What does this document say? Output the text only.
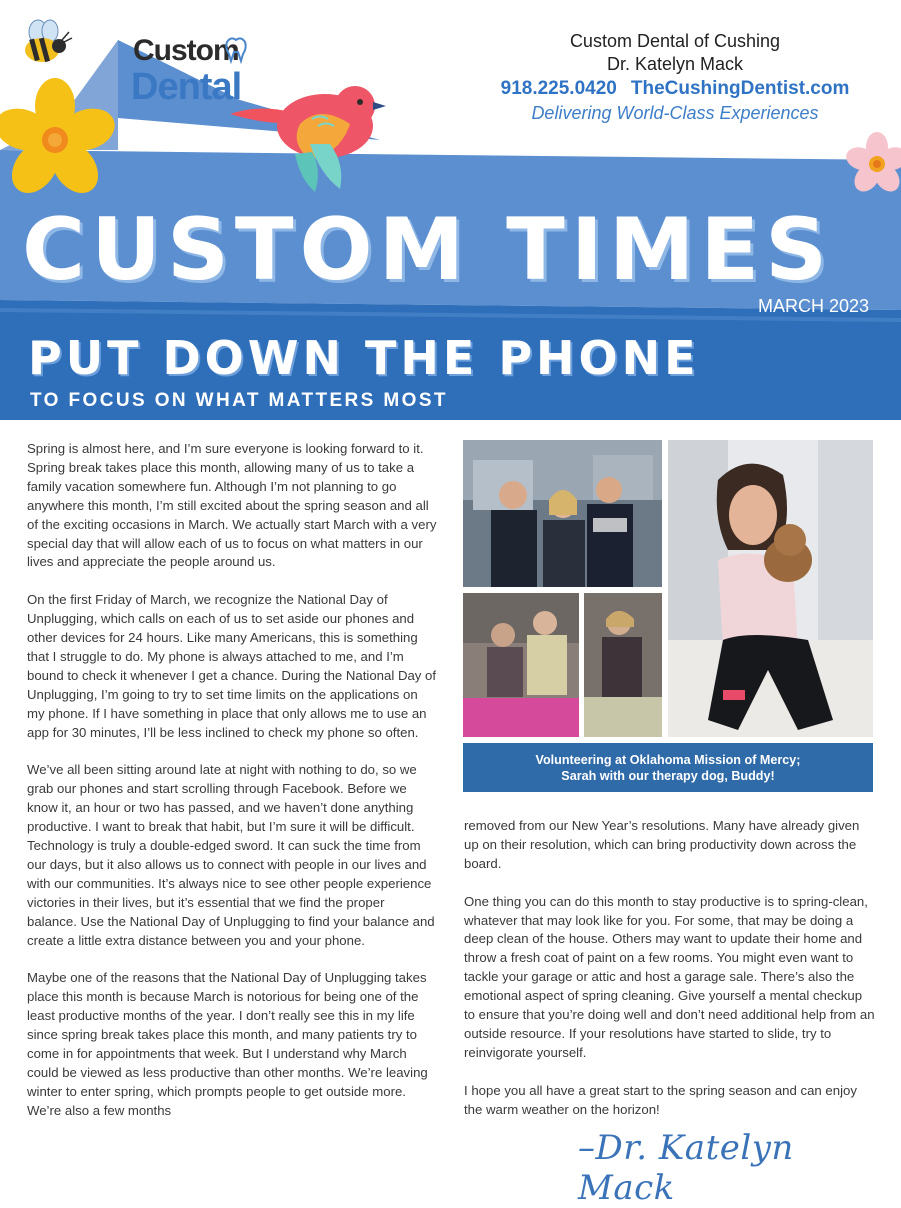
Custom
Dental
Custom Dental of Cushing
Dr. Katelyn Mack
918.225.0420 TheCushingDentist.com
Delivering World-Class Experiences
CUSTOM TIMES
MARCH 2023
PUT DOWN THE PHONE
TO FOCUS ON WHAT MATTERS MOST

Spring is almost here, and I’m sure everyone is looking forward to it. Spring break takes place this month, allowing many of us to take a family vacation somewhere fun. Although I’m not planning to go anywhere this month, I’m still excited about the spring season and all of the exciting occasions in March. We actually start March with a very special day that will allow each of us to focus on what matters in our lives and appreciate the people around us.

On the first Friday of March, we recognize the National Day of Unplugging, which calls on each of us to set aside our phones and other devices for 24 hours. Like many Americans, this is something that I struggle to do. My phone is always attached to me, and I’m bound to check it whenever I get a chance. During the National Day of Unplugging, I’m going to try to set time limits on the applications on my phone. If I have something in place that only allows me to use an app for 30 minutes, I’ll be less inclined to check my phone so often.

We’ve all been sitting around late at night with nothing to do, so we grab our phones and start scrolling through Facebook. Before we know it, an hour or two has passed, and we haven’t done anything productive. I want to break that habit, but I’m sure it will be difficult. Technology is truly a double-edged sword. It can suck the time from our days, but it also allows us to connect with people in our lives and with our communities. It’s always nice to see other people experience victories in their lives, but it’s essential that we find the proper balance. Use the National Day of Unplugging to find your balance and create a little extra distance between you and your phone.

Maybe one of the reasons that the National Day of Unplugging takes place this month is because March is notorious for being one of the least productive months of the year. I don’t really see this in my life since spring break takes place this month, and many patients try to come in for appointments that week. But I understand why March could be viewed as less productive than other months. We’re leaving winter to enter spring, which prompts people to get outside more. We’re also a few months

Volunteering at Oklahoma Mission of Mercy;
Sarah with our therapy dog, Buddy!

removed from our New Year’s resolutions. Many have already given up on their resolution, which can bring productivity down across the board.

One thing you can do this month to stay productive is to spring-clean, whatever that may look like for you. For some, that may be doing a deep clean of the house. Others may want to update their home and throw a fresh coat of paint on a few rooms. You might even want to tackle your garage or attic and host a garage sale. There’s also the emotional aspect of spring cleaning. Give yourself a mental checkup to ensure that you’re doing well and don’t need additional help from an outside resource. If your resolutions have started to slide, try to reinvigorate yourself.

I hope you all have a great start to the spring season and can enjoy the warm weather on the horizon!

–Dr. Katelyn Mack
